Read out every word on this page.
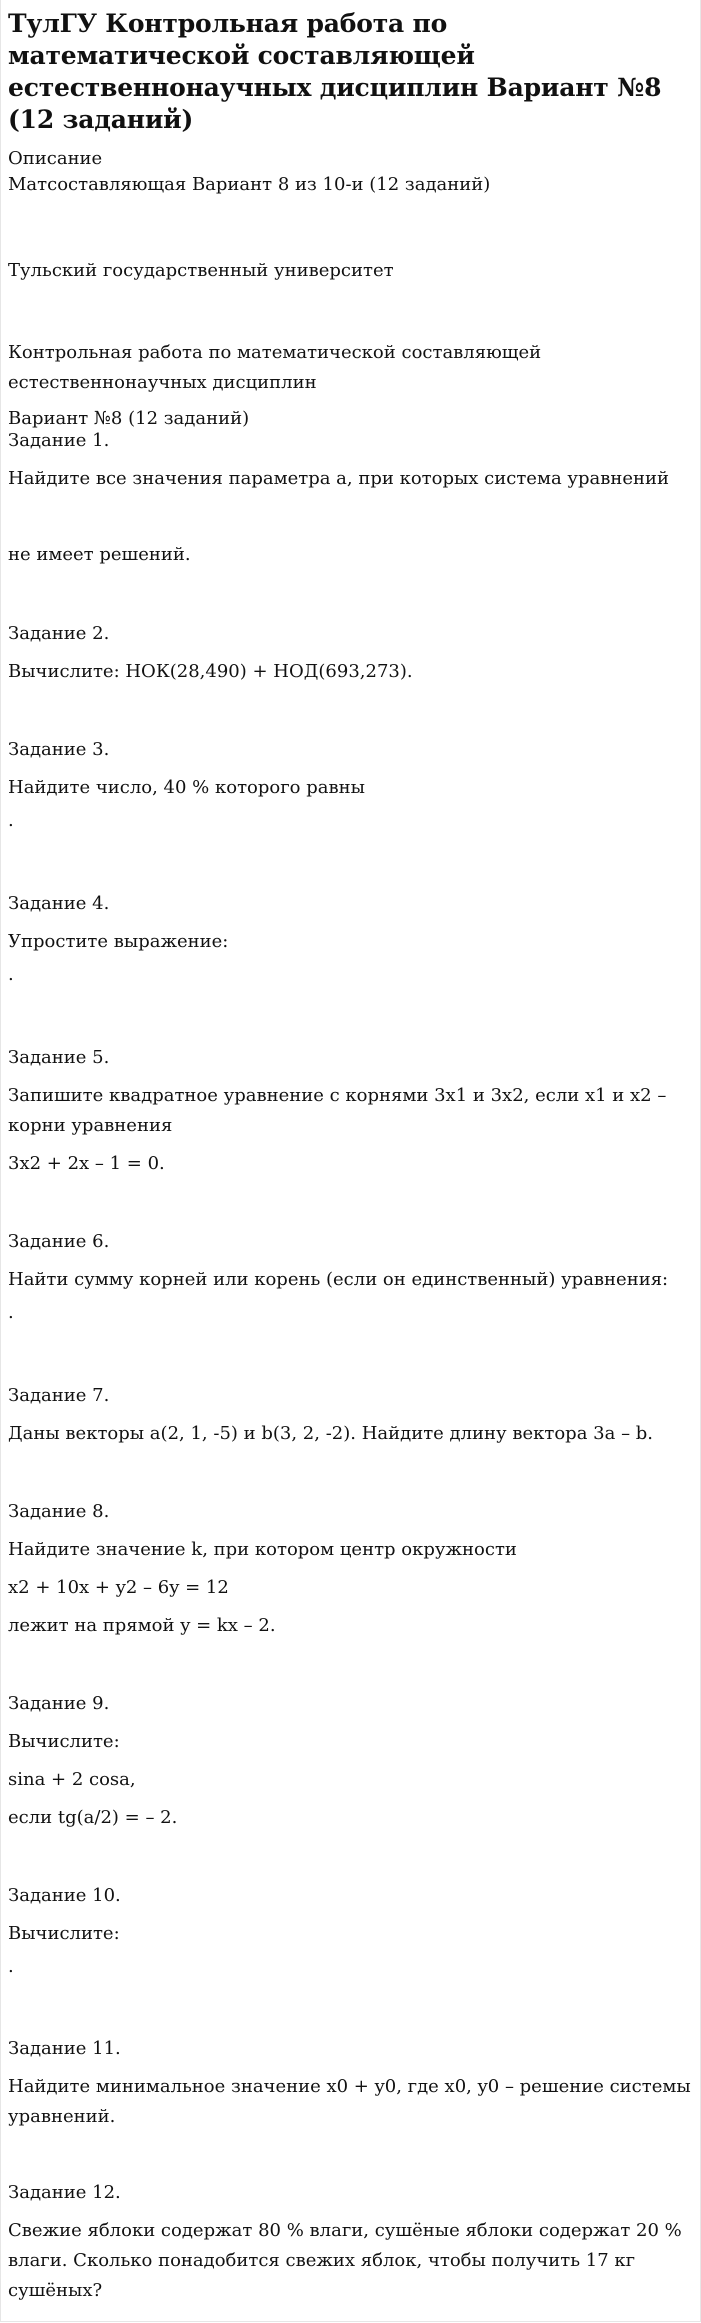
ТулГУ Контрольная работа по математической составляющей естественнонаучных дисциплин Вариант №8 (12 заданий)
Описание
Матсоставляющая Вариант 8 из 10-и (12 заданий)
Тульский государственный университет
Контрольная работа по математической составляющей естественнонаучных дисциплин
Вариант №8 (12 заданий)
Задание 1.
Найдите все значения параметра a, при которых система уравнений
не имеет решений.
Задание 2.
Вычислите: НОК(28,490) + НОД(693,273).
Задание 3.
Найдите число, 40 % которого равны
.
Задание 4.
Упростите выражение:
.
Задание 5.
Запишите квадратное уравнение с корнями 3x1 и 3x2, если x1 и x2 – корни уравнения
3x2 + 2x – 1 = 0.
Задание 6.
Найти сумму корней или корень (если он единственный) уравнения:
.
Задание 7.
Даны векторы a(2, 1, -5) и b(3, 2, -2). Найдите длину вектора 3a – b.
Задание 8.
Найдите значение k, при котором центр окружности
x2 + 10x + y2 – 6y = 12
лежит на прямой y = kx – 2.
Задание 9.
Вычислите:
sina + 2 cosa,
если tg(a/2) = – 2.
Задание 10.
Вычислите:
.
Задание 11.
Найдите минимальное значение x0 + y0, где x0, y0 – решение системы уравнений.
Задание 12.
Свежие яблоки содержат 80 % влаги, сушёные яблоки содержат 20 % влаги. Сколько понадобится свежих яблок, чтобы получить 17 кг сушёных?
